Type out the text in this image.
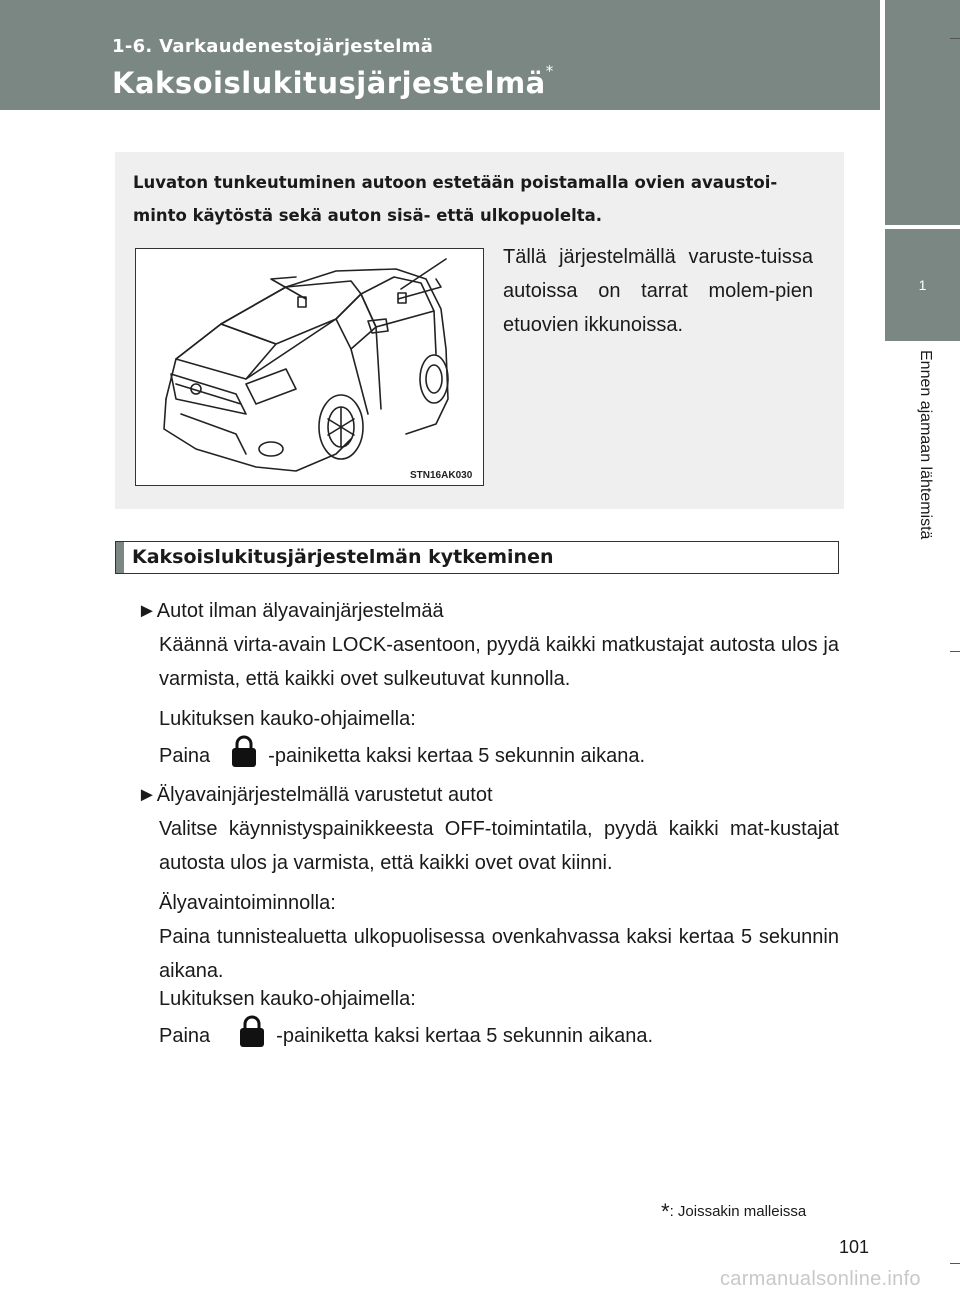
1-6. Varkaudenestojärjestelmä
Kaksoislukitusjärjestelmä*
1
Ennen ajamaan lähtemistä
Luvaton tunkeutuminen autoon estetään poistamalla ovien avaustoi-minto käytöstä sekä auton sisä- että ulkopuolelta.
STN16AK030
Tällä järjestelmällä varuste-tuissa autoissa on tarrat molem-pien etuovien ikkunoissa.
Kaksoislukitusjärjestelmän kytkeminen
►Autot ilman älyavainjärjestelmää
Käännä virta-avain LOCK-asentoon, pyydä kaikki matkustajat autosta ulos ja varmista, että kaikki ovet sulkeutuvat kunnolla.
Lukituksen kauko-ohjaimella:
Paina	-painiketta kaksi kertaa 5 sekunnin aikana.
►Älyavainjärjestelmällä varustetut autot
Valitse käynnistyspainikkeesta OFF-toimintatila, pyydä kaikki mat-kustajat autosta ulos ja varmista, että kaikki ovet ovat kiinni.
Älyavaintoiminnolla:
Paina tunnistealuetta ulkopuolisessa ovenkahvassa kaksi kertaa 5 sekunnin aikana.
Lukituksen kauko-ohjaimella:
Paina	-painiketta kaksi kertaa 5 sekunnin aikana.
*: Joissakin malleissa
101
carmanualsonline.info
